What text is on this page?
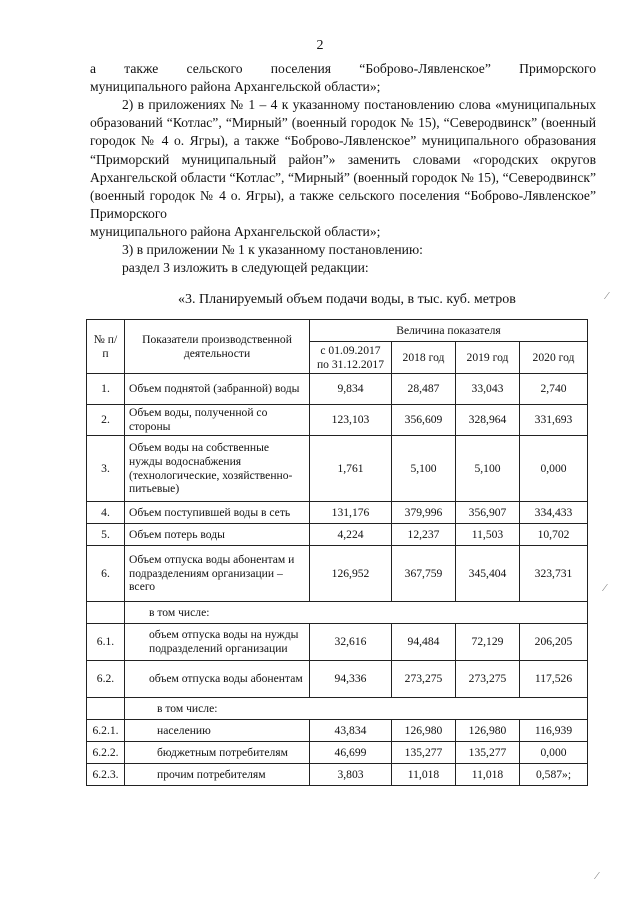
2

а также сельского поселения “Боброво-Лявленское” Приморского

муниципального района Архангельской области»;

2) в приложениях № 1 – 4 к указанному постановлению слова «муниципальных образований “Котлас”, “Мирный” (военный городок № 15), “Северодвинск” (военный городок № 4 о. Ягры), а также “Боброво-Лявленское” муниципального образования “Приморский муниципальный район”» заменить словами «городских округов Архангельской области “Котлас”, “Мирный” (военный городок № 15), “Северодвинск” (военный городок № 4 о. Ягры), а также сельского поселения “Боброво-Лявленское” Приморского

муниципального района Архангельской области»;

3) в приложении № 1 к указанному постановлению:

раздел 3 изложить в следующей редакции:

«3. Планируемый объем подачи воды, в тыс. куб. метров
№ п/п	Показатели производственной деятельности	Величина показателя			
		с 01.09.2017 по 31.12.2017	2018 год	2019 год	2020 год
1.	Объем поднятой (забранной) воды	9,834	28,487	33,043	2,740
2.	Объем воды, полученной со стороны	123,103	356,609	328,964	331,693
3.	Объем воды на собственные нужды водоснабжения (технологические, хозяйственно-питьевые)	1,761	5,100	5,100	0,000
4.	Объем поступившей воды в сеть	131,176	379,996	356,907	334,433
5.	Объем потерь воды	4,224	12,237	11,503	10,702
6.	Объем отпуска воды абонентам и подразделениям организации – всего	126,952	367,759	345,404	323,731
	в том числе:				
6.1.	объем отпуска воды на нужды подразделений организации	32,616	94,484	72,129	206,205
6.2.	объем отпуска воды абонентам	94,336	273,275	273,275	117,526
	в том числе:				
6.2.1.	населению	43,834	126,980	126,980	116,939
6.2.2.	бюджетным потребителям	46,699	135,277	135,277	0,000
6.2.3.	прочим потребителям	3,803	11,018	11,018	0,587»;
⁄
⁄
⁄
